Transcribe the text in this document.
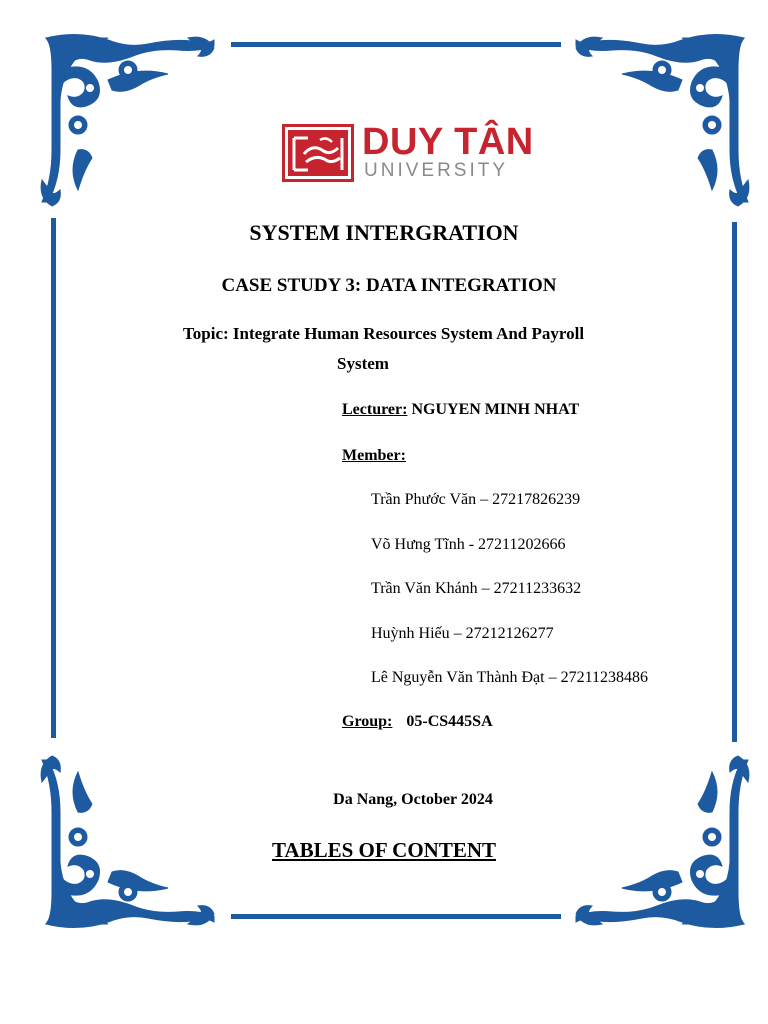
DUY TÂN
UNIVERSITY
SYSTEM INTERGRATION
CASE STUDY 3: DATA INTEGRATION
Topic: Integrate Human Resources System And Payroll
System
Lecturer: NGUYEN MINH NHAT
Member:
Trần Phước Văn – 27217826239
Võ Hưng Tĩnh - 27211202666
Trần Văn Khánh – 27211233632
Huỳnh Hiếu – 27212126277
Lê Nguyễn Văn Thành Đạt – 27211238486
Group: 05-CS445SA
Da Nang, October 2024
TABLES OF CONTENT
